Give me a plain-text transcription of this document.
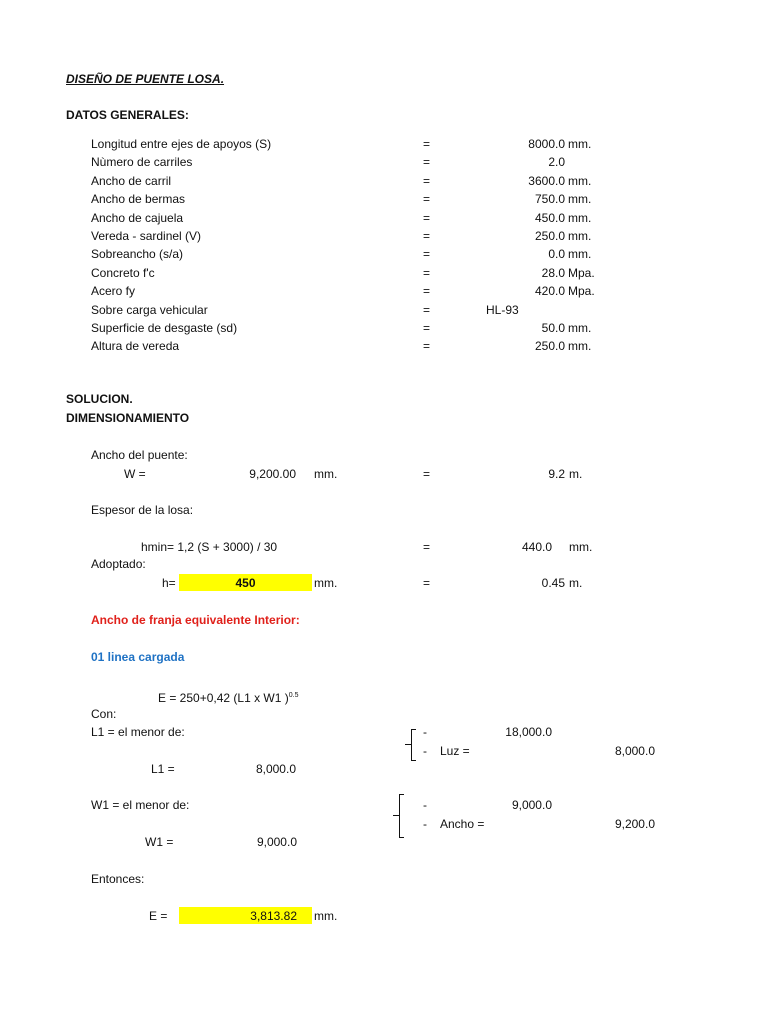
DISEÑO DE PUENTE LOSA.
DATOS GENERALES:
Longitud entre ejes de apoyos (S)	=	8000.0 mm.
Nùmero de carriles	=	2.0
Ancho de carril	=	3600.0 mm.
Ancho de bermas	=	750.0 mm.
Ancho de cajuela	=	450.0 mm.
Vereda - sardinel (V)	=	250.0 mm.
Sobreancho (s/a)	=	0.0 mm.
Concreto f'c	=	28.0 Mpa.
Acero fy	=	420.0 Mpa.
Sobre carga vehicular	=	HL-93
Superficie de desgaste (sd)	=	50.0 mm.
Altura de vereda	=	250.0 mm.
SOLUCION.
DIMENSIONAMIENTO
Ancho del puente:
W =	9,200.00 mm.	=	9.2 m.
Espesor de la losa:
hmin= 1,2 (S + 3000) / 30	=	440.0 mm.
Adoptado:
h=	450	mm.	=	0.45 m.
Ancho de franja equivalente Interior:
01 linea cargada
E = 250+0,42 (L1 x W1 )$^{0.5}$
Con:
L1 = el menor de:	-	18,000.0
- Luz =	8,000.0
L1 =	8,000.0
W1 = el menor de:	-	9,000.0
- Ancho =	9,200.0
W1 =	9,000.0
Entonces:
E =	3,813.82 mm.
